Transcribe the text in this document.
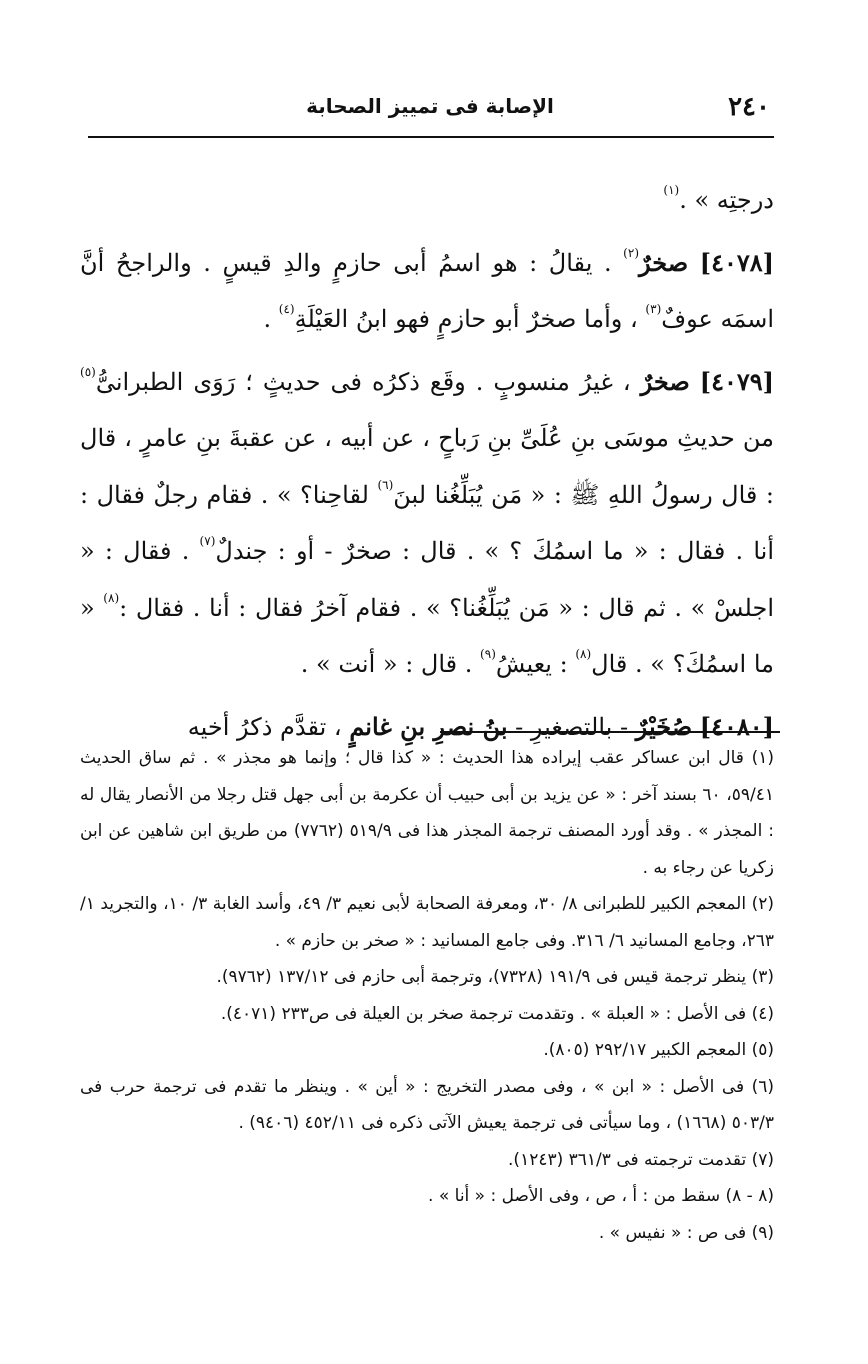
٢٤٠
الإصابة فى تمييز الصحابة

درجتِه » .$^{(١)}$

[٤٠٧٨] صخرٌ$^{(٢)}$ . يقالُ : هو اسمُ أبى حازمٍ والدِ قيسٍ . والراجحُ أنَّ اسمَه عوفٌ$^{(٣)}$ ، وأما صخرٌ أبو حازمٍ فهو ابنُ العَيْلَةِ$^{(٤)}$ .

[٤٠٧٩] صخرٌ ، غيرُ منسوبٍ . وقَع ذكرُه فى حديثٍ ؛ رَوَى الطبرانىُّ$^{(٥)}$ من حديثِ موسَى بنِ عُلَىِّ بنِ رَباحٍ ، عن أبيه ، عن عقبةَ بنِ عامرٍ ، قال : قال رسولُ اللهِ ﷺ : « مَن يُبَلِّغُنا لبنَ$^{(٦)}$ لقاحِنا؟ » . فقام رجلٌ فقال : أنا . فقال : « ما اسمُكَ ؟ » . قال : صخرٌ - أو : جندلٌ$^{(٧)}$ . فقال : « اجلسْ » . ثم قال : « مَن يُبَلِّغُنا؟ » . فقام آخرُ فقال : أنا . فقال :$^{(٨)}$ « ما اسمُكَ؟ » . قال$^{(٨)}$ : يعيشُ$^{(٩)}$ . قال : « أنت » .

[٤٠٨٠] صُخَيْرٌ - بالتصغيرِ - بنُ نصرِ بنِ غانمٍ ، تقدَّم ذكرُ أخيه

(١) قال ابن عساكر عقب إيراده هذا الحديث : « كذا قال ؛ وإنما هو مجذر » . ثم ساق الحديث ٥٩/٤١، ٦٠ بسند آخر : « عن يزيد بن أبى حبيب أن عكرمة بن أبى جهل قتل رجلا من الأنصار يقال له : المجذر » . وقد أورد المصنف ترجمة المجذر هذا فى ٥١٩/٩ (٧٧٦٢) من طريق ابن شاهين عن ابن زكريا عن رجاء به .

(٢) المعجم الكبير للطبرانى ٨/ ٣٠، ومعرفة الصحابة لأبى نعيم ٣/ ٤٩، وأسد الغابة ٣/ ١٠، والتجريد ١/ ٢٦٣، وجامع المسانيد ٦/ ٣١٦. وفى جامع المسانيد : « صخر بن حازم » .

(٣) ينظر ترجمة قيس فى ١٩١/٩ (٧٣٢٨)، وترجمة أبى حازم فى ١٣٧/١٢ (٩٧٦٢).

(٤) فى الأصل : « العبلة » . وتقدمت ترجمة صخر بن العيلة فى ص٢٣٣ (٤٠٧١).

(٥) المعجم الكبير ٢٩٢/١٧ (٨٠٥).

(٦) فى الأصل : « ابن » ، وفى مصدر التخريج : « أين » . وينظر ما تقدم فى ترجمة حرب فى ٥٠٣/٣ (١٦٦٨) ، وما سيأتى فى ترجمة يعيش الآتى ذكره فى ٤٥٢/١١ (٩٤٠٦) .

(٧) تقدمت ترجمته فى ٣٦١/٣ (١٢٤٣).

(٨ - ٨) سقط من : أ ، ص ، وفى الأصل : « أنا » .

(٩) فى ص : « نفيس » .
